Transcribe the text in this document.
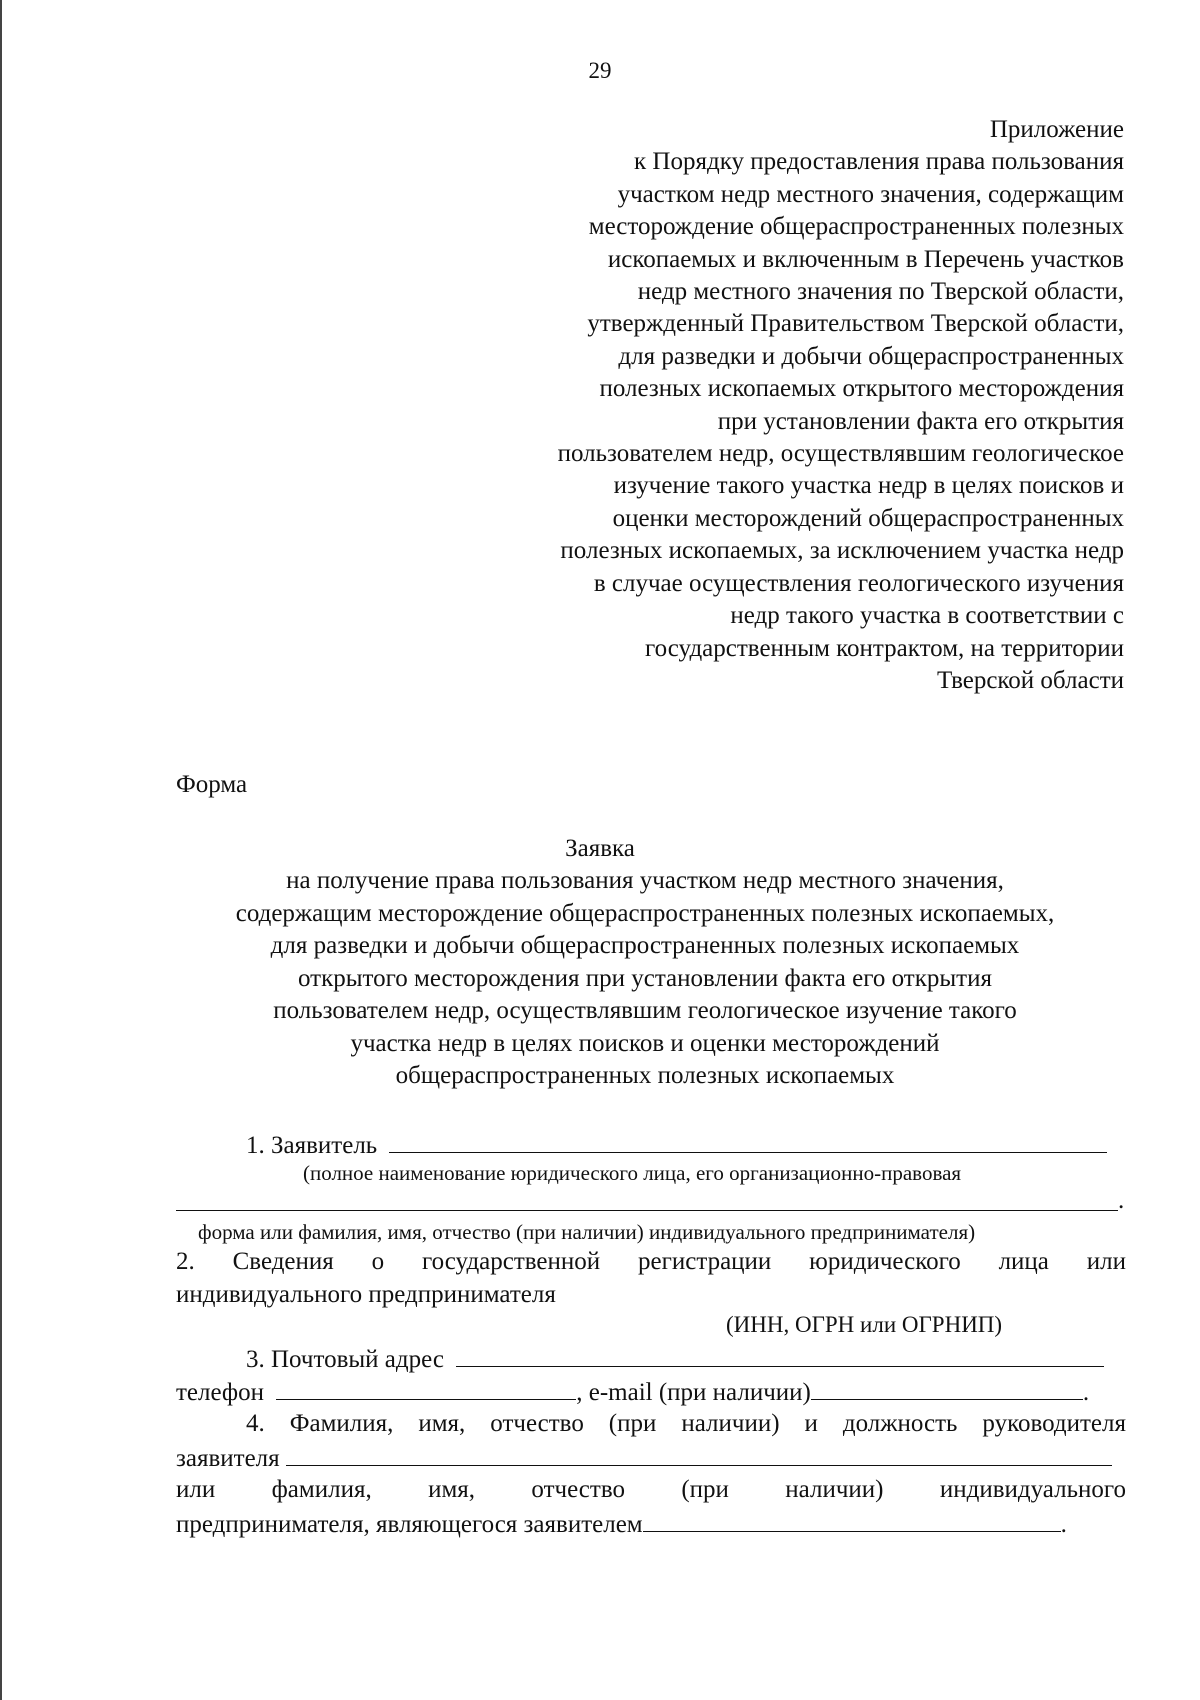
29
Приложение
к Порядку предоставления права пользования
участком недр местного значения, содержащим
месторождение общераспространенных полезных
ископаемых и включенным в Перечень участков
недр местного значения по Тверской области,
утвержденный Правительством Тверской области,
для разведки и добычи общераспространенных
полезных ископаемых открытого месторождения
при установлении факта его открытия
пользователем недр, осуществлявшим геологическое
изучение такого участка недр в целях поисков и
оценки месторождений общераспространенных
полезных ископаемых, за исключением участка недр
в случае осуществления геологического изучения
недр такого участка в соответствии с
государственным контрактом, на территории
Тверской области
Форма
Заявка
на получение права пользования участком недр местного значения,
содержащим месторождение общераспространенных полезных ископаемых,
для разведки и добычи общераспространенных полезных ископаемых
открытого месторождения при установлении факта его открытия
пользователем недр, осуществлявшим геологическое изучение такого
участка недр в целях поисков и оценки месторождений
общераспространенных полезных ископаемых
1. Заявитель
(полное наименование юридического лица, его организационно-правовая
.
форма или фамилия, имя, отчество (при наличии) индивидуального предпринимателя)
2. Сведения о государственной регистрации юридического лица или
индивидуального предпринимателя
(ИНН, ОГРН или ОГРНИП)
3. Почтовый адрес
телефон	, e-mail (при наличии)	.
4. Фамилия, имя, отчество (при наличии) и должность руководителя
заявителя
или фамилия, имя, отчество (при наличии) индивидуального
предпринимателя, являющегося заявителем	.
